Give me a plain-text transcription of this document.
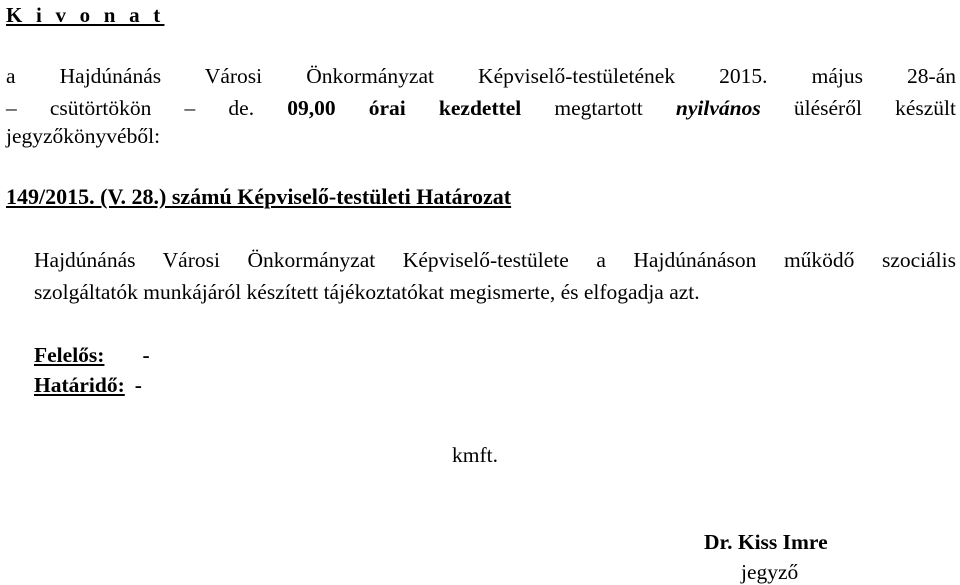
K i v o n a t
a Hajdúnánás Városi Önkormányzat Képviselő-testületének 2015. május 28-án
– csütörtökön – de. 09,00 órai kezdettel megtartott nyilvános üléséről készült
jegyzőkönyvéből:
149/2015. (V. 28.) számú Képviselő-testületi Határozat
Hajdúnánás Városi Önkormányzat Képviselő-testülete a Hajdúnánáson működő szociális
szolgáltatók munkájáról készített tájékoztatókat megismerte, és elfogadja azt.
Felelős: -
Határidő: -
kmft.
Dr. Kiss Imre
jegyző
